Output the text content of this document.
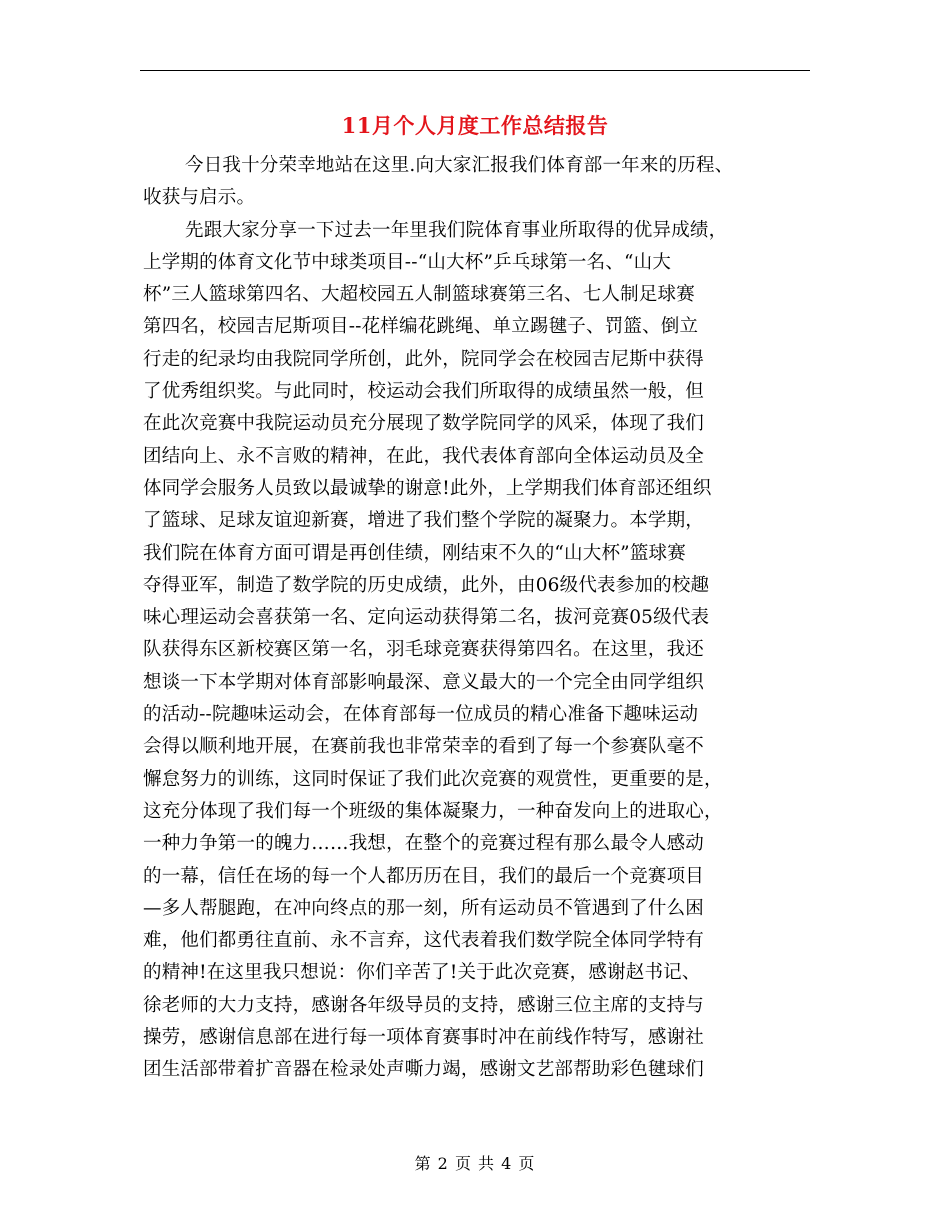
11月个人月度工作总结报告
今日我十分荣幸地站在这里.向大家汇报我们体育部一年来的历程、
收获与启示。
先跟大家分享一下过去一年里我们院体育事业所取得的优异成绩，
上学期的体育文化节中球类项目--“山大杯”乒乓球第一名、“山大
杯”三人篮球第四名、大超校园五人制篮球赛第三名、七人制足球赛
第四名，校园吉尼斯项目--花样编花跳绳、单立踢毽子、罚篮、倒立
行走的纪录均由我院同学所创，此外，院同学会在校园吉尼斯中获得
了优秀组织奖。与此同时，校运动会我们所取得的成绩虽然一般，但
在此次竞赛中我院运动员充分展现了数学院同学的风采，体现了我们
团结向上、永不言败的精神，在此，我代表体育部向全体运动员及全
体同学会服务人员致以最诚挚的谢意!此外，上学期我们体育部还组织
了篮球、足球友谊迎新赛，增进了我们整个学院的凝聚力。本学期，
我们院在体育方面可谓是再创佳绩，刚结束不久的“山大杯”篮球赛
夺得亚军，制造了数学院的历史成绩，此外，由06级代表参加的校趣
味心理运动会喜获第一名、定向运动获得第二名，拔河竞赛05级代表
队获得东区新校赛区第一名，羽毛球竞赛获得第四名。在这里，我还
想谈一下本学期对体育部影响最深、意义最大的一个完全由同学组织
的活动--院趣味运动会，在体育部每一位成员的精心准备下趣味运动
会得以顺利地开展，在赛前我也非常荣幸的看到了每一个参赛队毫不
懈怠努力的训练，这同时保证了我们此次竞赛的观赏性，更重要的是，
这充分体现了我们每一个班级的集体凝聚力，一种奋发向上的进取心，
一种力争第一的魄力……我想，在整个的竞赛过程有那么最令人感动
的一幕，信任在场的每一个人都历历在目，我们的最后一个竞赛项目
—多人帮腿跑，在冲向终点的那一刻，所有运动员不管遇到了什么困
难，他们都勇往直前、永不言弃，这代表着我们数学院全体同学特有
的精神!在这里我只想说：你们辛苦了!关于此次竞赛，感谢赵书记、
徐老师的大力支持，感谢各年级导员的支持，感谢三位主席的支持与
操劳，感谢信息部在进行每一项体育赛事时冲在前线作特写，感谢社
团生活部带着扩音器在检录处声嘶力竭，感谢文艺部帮助彩色毽球们
第 2 页 共 4 页
